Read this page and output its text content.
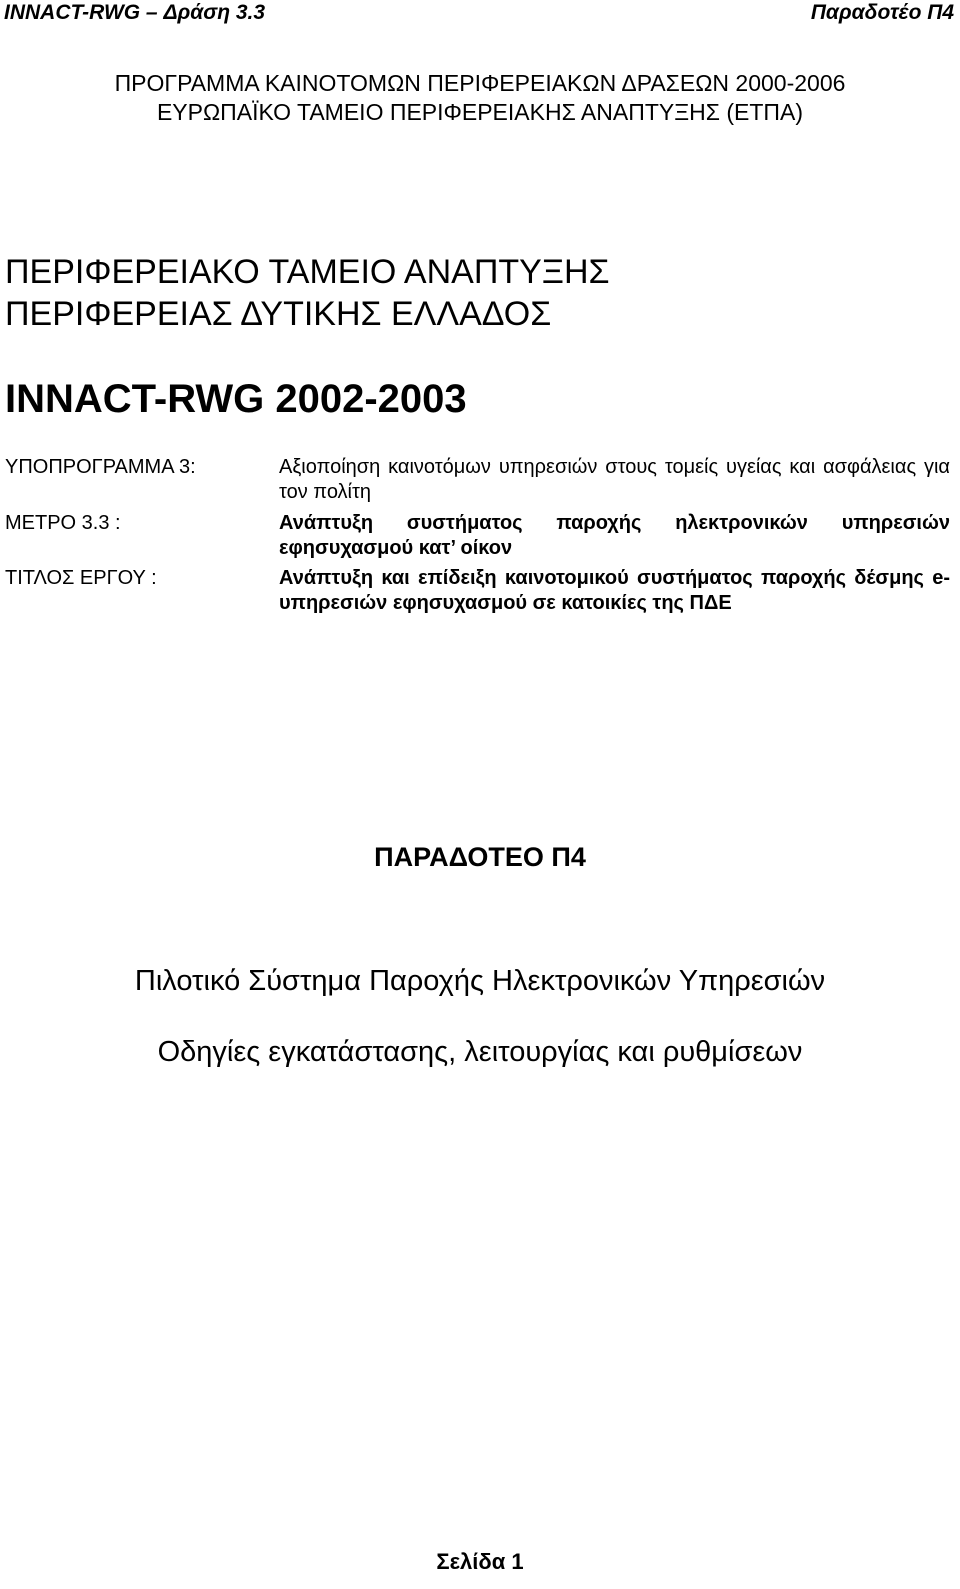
INNACT-RWG – Δράση 3.3	Παραδοτέο Π4
ΠΡΟΓΡΑΜΜΑ ΚΑΙΝΟΤΟΜΩΝ ΠΕΡΙΦΕΡΕΙΑΚΩΝ ΔΡΑΣΕΩΝ 2000-2006
ΕΥΡΩΠΑΪΚΟ ΤΑΜΕΙΟ ΠΕΡΙΦΕΡΕΙΑΚΗΣ ΑΝΑΠΤΥΞΗΣ (ΕΤΠΑ)
ΠΕΡΙΦΕΡΕΙΑΚΟ ΤΑΜΕΙΟ ΑΝΑΠΤΥΞΗΣ
ΠΕΡΙΦΕΡΕΙΑΣ ΔΥΤΙΚΗΣ ΕΛΛΑΔΟΣ
INNACT-RWG 2002-2003
ΥΠΟΠΡΟΓΡΑΜΜΑ 3:	Αξιοποίηση καινοτόμων υπηρεσιών στους τομείς υγείας και ασφάλειας για τον πολίτη
ΜΕΤΡΟ 3.3 :	Ανάπτυξη συστήματος παροχής ηλεκτρονικών υπηρεσιών εφησυχασμού κατ’ οίκον
ΤΙΤΛΟΣ ΕΡΓΟΥ :	Ανάπτυξη και επίδειξη καινοτομικού συστήματος παροχής δέσμης e-υπηρεσιών εφησυχασμού σε κατοικίες της ΠΔΕ
ΠΑΡΑΔΟΤΕΟ Π4
Πιλοτικό Σύστημα Παροχής Ηλεκτρονικών Υπηρεσιών
Οδηγίες εγκατάστασης, λειτουργίας και ρυθμίσεων
Σελίδα 1
